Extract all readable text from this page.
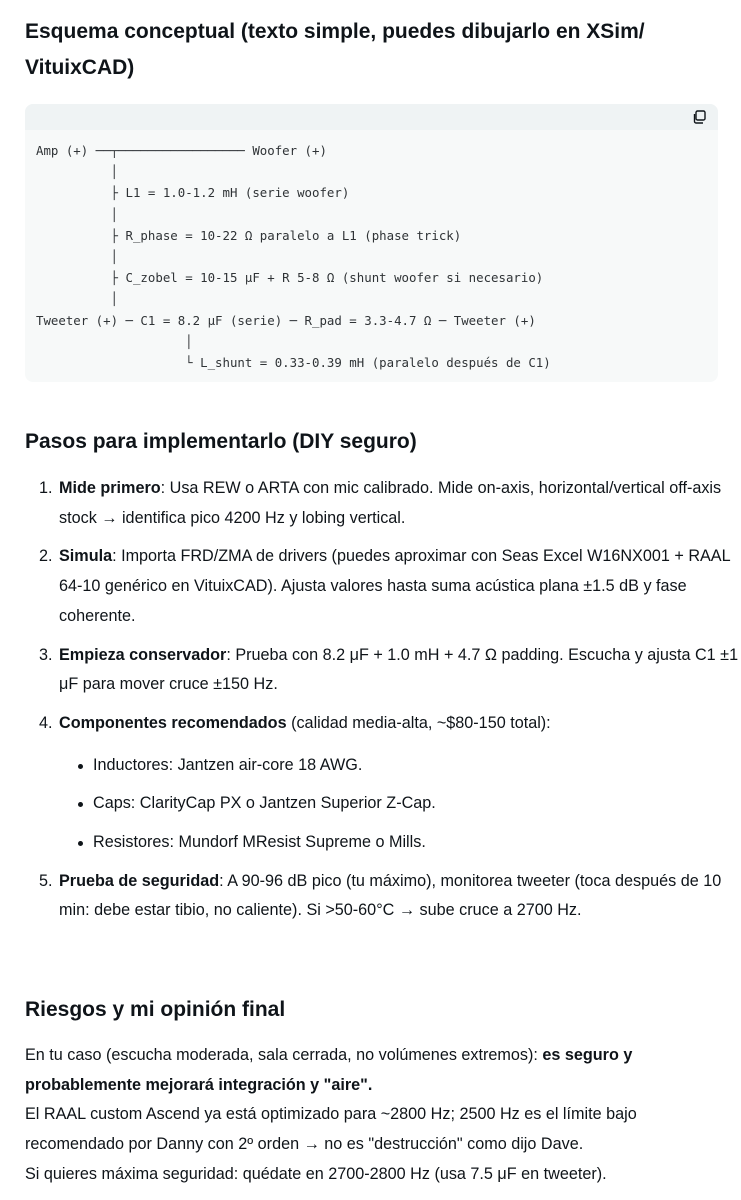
Esquema conceptual (texto simple, puedes dibujarlo en XSim/ VituixCAD)
Amp (+) ──┬───────────────── Woofer (+)
│
├ L1 = 1.0-1.2 mH (serie woofer)
│
├ R_phase = 10-22 Ω paralelo a L1 (phase trick)
│
├ C_zobel = 10-15 μF + R 5-8 Ω (shunt woofer si necesario)
│
Tweeter (+) ─ C1 = 8.2 μF (serie) ─ R_pad = 3.3-4.7 Ω ─ Tweeter (+)
│
└ L_shunt = 0.33-0.39 mH (paralelo después de C1)
Pasos para implementarlo (DIY seguro)
1. Mide primero: Usa REW o ARTA con mic calibrado. Mide on-axis, horizontal/vertical off-axis stock → identifica pico 4200 Hz y lobing vertical.
2. Simula: Importa FRD/ZMA de drivers (puedes aproximar con Seas Excel W16NX001 + RAAL 64-10 genérico en VituixCAD). Ajusta valores hasta suma acústica plana ±1.5 dB y fase coherente.
3. Empieza conservador: Prueba con 8.2 μF + 1.0 mH + 4.7 Ω padding. Escucha y ajusta C1 ±1 μF para mover cruce ±150 Hz.
4. Componentes recomendados (calidad media-alta, ~$80-150 total):
Inductores: Jantzen air-core 18 AWG.
Caps: ClarityCap PX o Jantzen Superior Z-Cap.
Resistores: Mundorf MResist Supreme o Mills.
5. Prueba de seguridad: A 90-96 dB pico (tu máximo), monitorea tweeter (toca después de 10 min: debe estar tibio, no caliente). Si >50-60°C → sube cruce a 2700 Hz.
Riesgos y mi opinión final

En tu caso (escucha moderada, sala cerrada, no volúmenes extremos): es seguro y probablemente mejorará integración y "aire".

El RAAL custom Ascend ya está optimizado para ~2800 Hz; 2500 Hz es el límite bajo recomendado por Danny con 2º orden → no es "destrucción" como dijo Dave.

Si quieres máxima seguridad: quédate en 2700-2800 Hz (usa 7.5 μF en tweeter).
